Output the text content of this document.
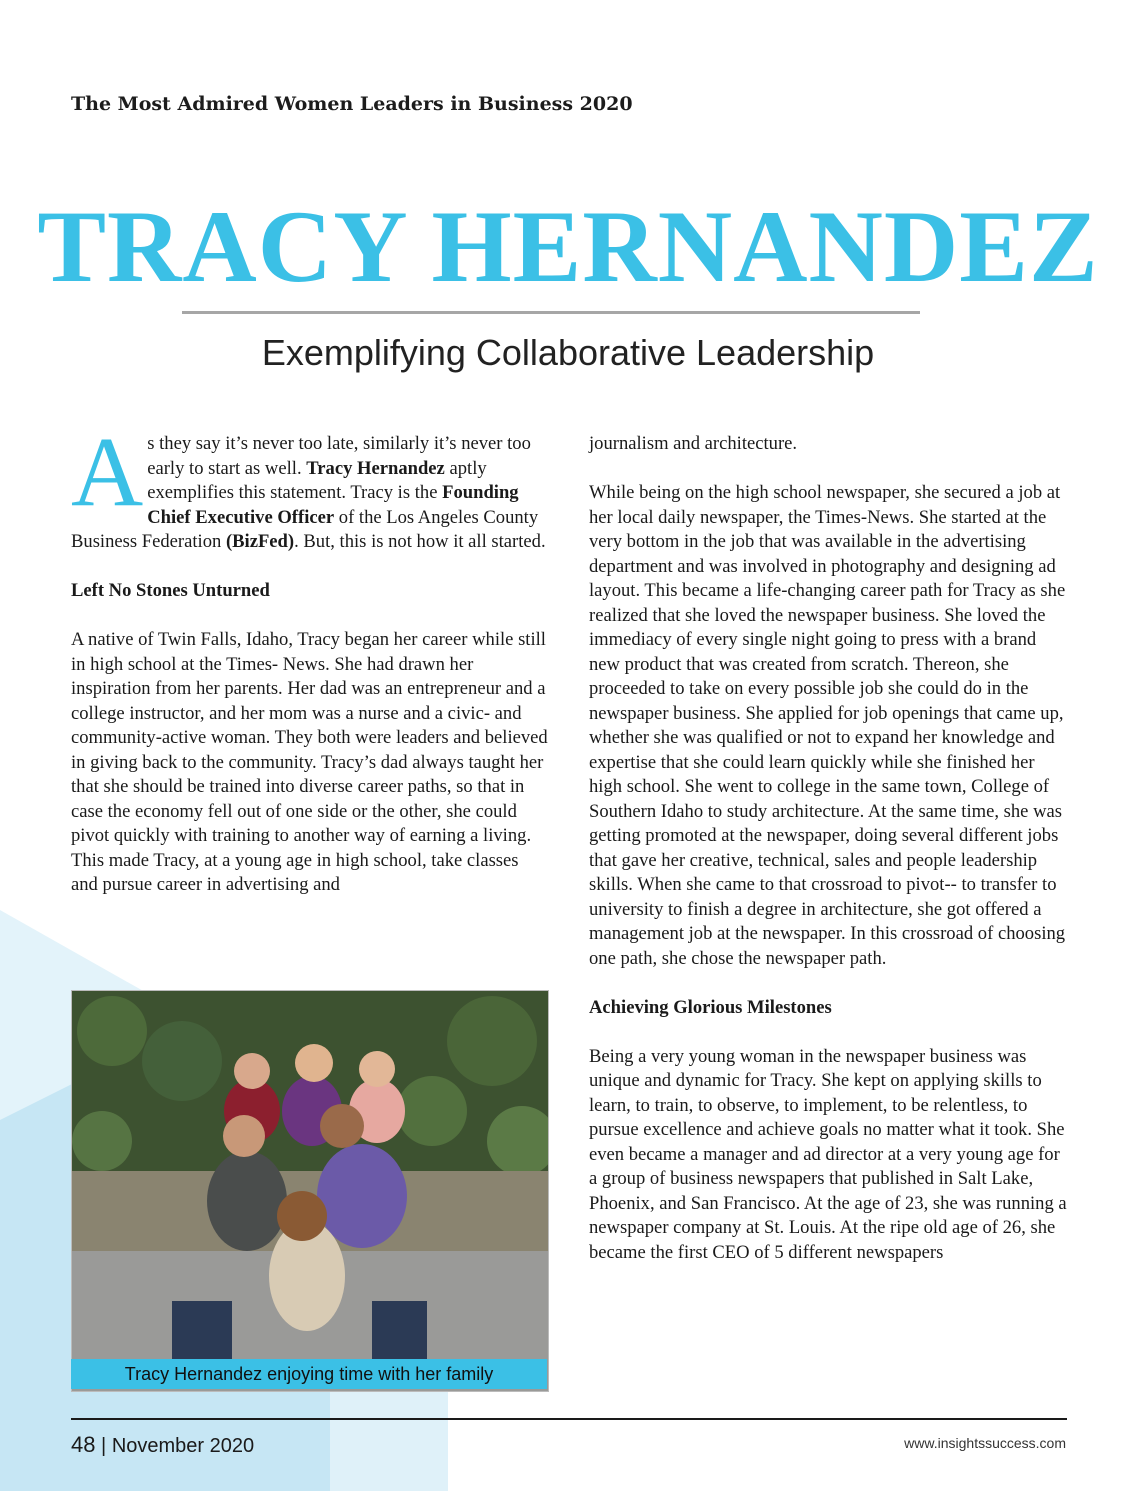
The Most Admired Women Leaders in Business 2020
TRACY HERNANDEZ
Exemplifying Collaborative Leadership

As they say it’s never too late, similarly it’s never too early to start as well. Tracy Hernandez aptly exemplifies this statement. Tracy is the Founding Chief Executive Officer of the Los Angeles County Business Federation (BizFed). But, this is not how it all started.

Left No Stones Unturned

A native of Twin Falls, Idaho, Tracy began her career while still in high school at the Times- News. She had drawn her inspiration from her parents. Her dad was an entrepreneur and a college instructor, and her mom was a nurse and a civic- and community-active woman. They both were leaders and believed in giving back to the community. Tracy’s dad always taught her that she should be trained into diverse career paths, so that in case the economy fell out of one side or the other, she could pivot quickly with training to another way of earning a living. This made Tracy, at a young age in high school, take classes and pursue career in advertising and

Tracy Hernandez enjoying time with her family

journalism and architecture.

While being on the high school newspaper, she secured a job at her local daily newspaper, the Times-News. She started at the very bottom in the job that was available in the advertising department and was involved in photography and designing ad layout. This became a life-changing career path for Tracy as she realized that she loved the newspaper business. She loved the immediacy of every single night going to press with a brand new product that was created from scratch. Thereon, she proceeded to take on every possible job she could do in the newspaper business. She applied for job openings that came up, whether she was qualified or not to expand her knowledge and expertise that she could learn quickly while she finished her high school. She went to college in the same town, College of Southern Idaho to study architecture. At the same time, she was getting promoted at the newspaper, doing several different jobs that gave her creative, technical, sales and people leadership skills. When she came to that crossroad to pivot-- to transfer to university to finish a degree in architecture, she got offered a management job at the newspaper. In this crossroad of choosing one path, she chose the newspaper path.

Achieving Glorious Milestones

Being a very young woman in the newspaper business was unique and dynamic for Tracy. She kept on applying skills to learn, to train, to observe, to implement, to be relentless, to pursue excellence and achieve goals no matter what it took. She even became a manager and ad director at a very young age for a group of business newspapers that published in Salt Lake, Phoenix, and San Francisco. At the age of 23, she was running a newspaper company at St. Louis. At the ripe old age of 26, she became the first CEO of 5 different newspapers

48 | November 2020	www.insightssuccess.com
